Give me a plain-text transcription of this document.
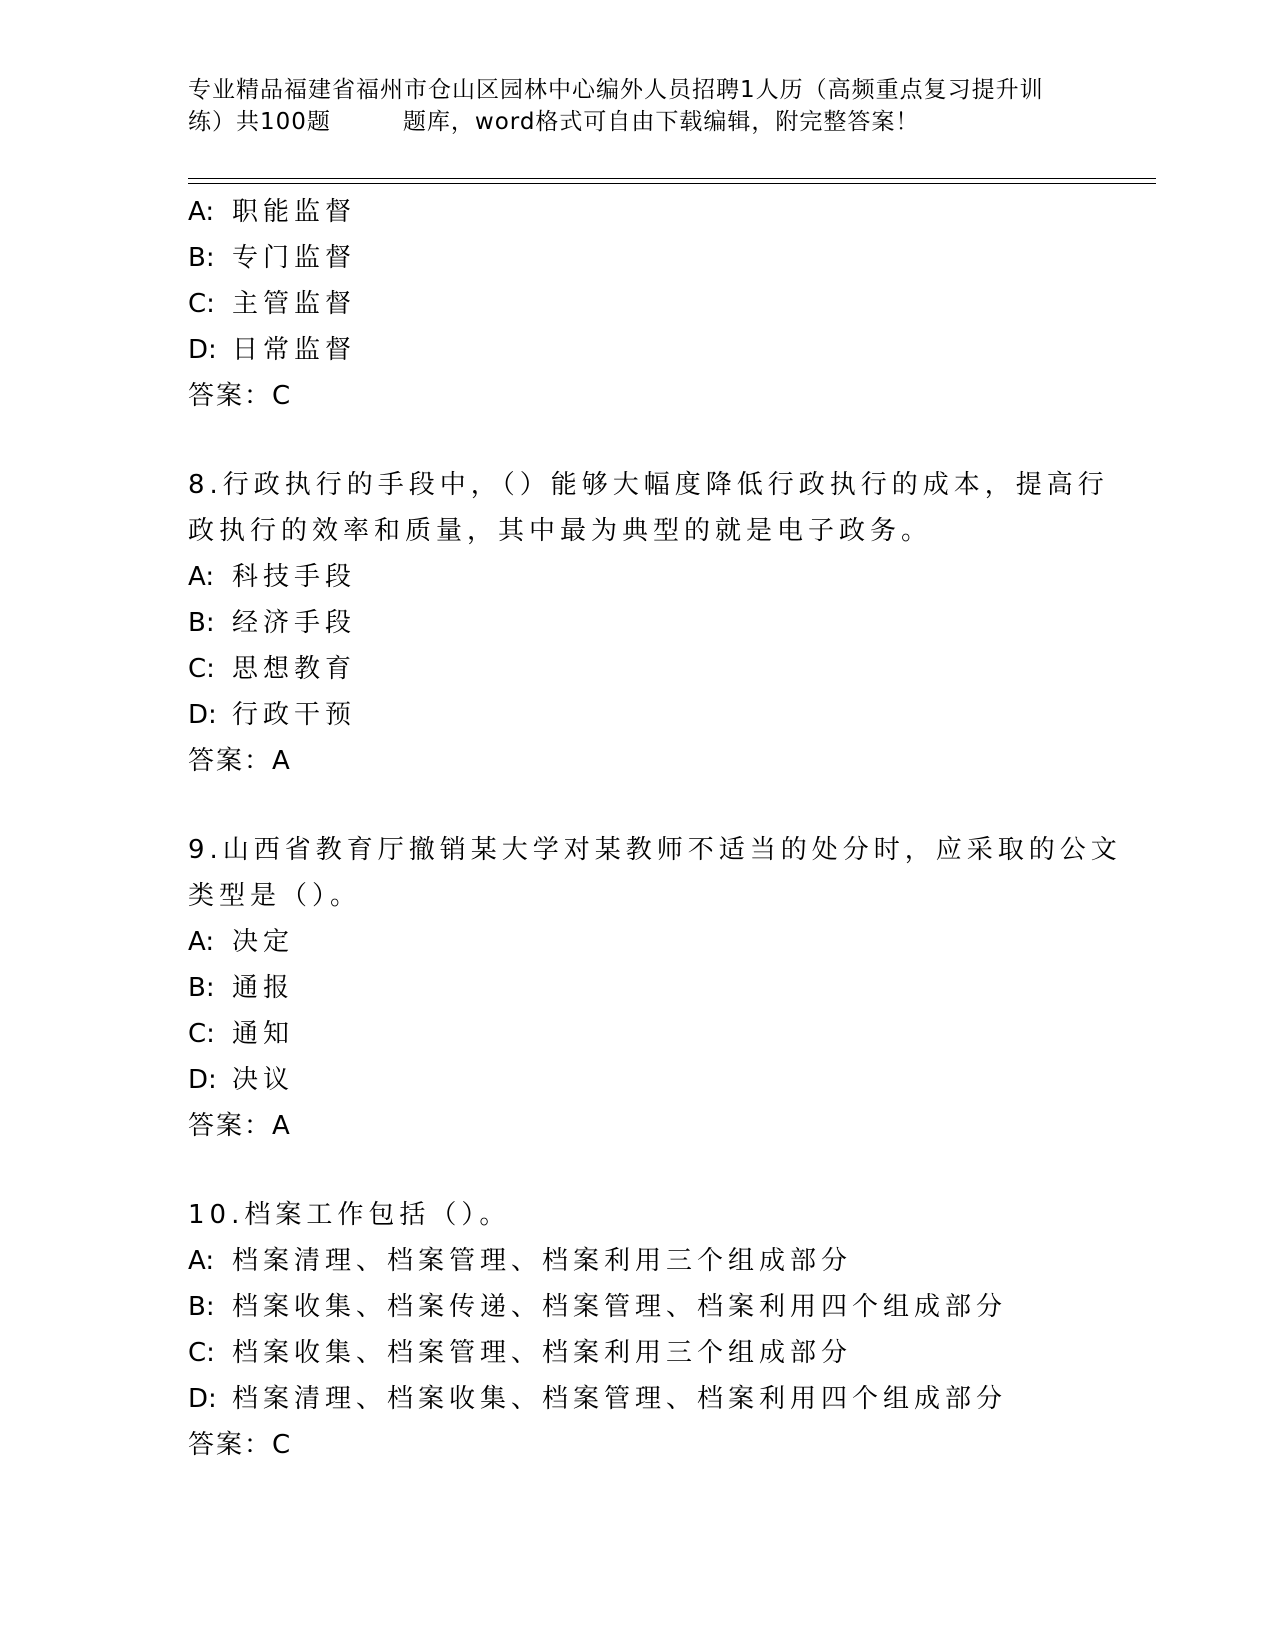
专业精品福建省福州市仓山区园林中心编外人员招聘1人历（高频重点复习提升训
练）共100题　　　题库，word格式可自由下载编辑，附完整答案！
A: 职能监督
B: 专门监督
C: 主管监督
D: 日常监督
答案：C
8.行政执行的手段中，（）能够大幅度降低行政执行的成本，提高行
政执行的效率和质量，其中最为典型的就是电子政务。
A: 科技手段
B: 经济手段
C: 思想教育
D: 行政干预
答案：A
9.山西省教育厅撤销某大学对某教师不适当的处分时，应采取的公文
类型是（）。
A: 决定
B: 通报
C: 通知
D: 决议
答案：A
10.档案工作包括（）。
A: 档案清理、档案管理、档案利用三个组成部分
B: 档案收集、档案传递、档案管理、档案利用四个组成部分
C: 档案收集、档案管理、档案利用三个组成部分
D: 档案清理、档案收集、档案管理、档案利用四个组成部分
答案：C
